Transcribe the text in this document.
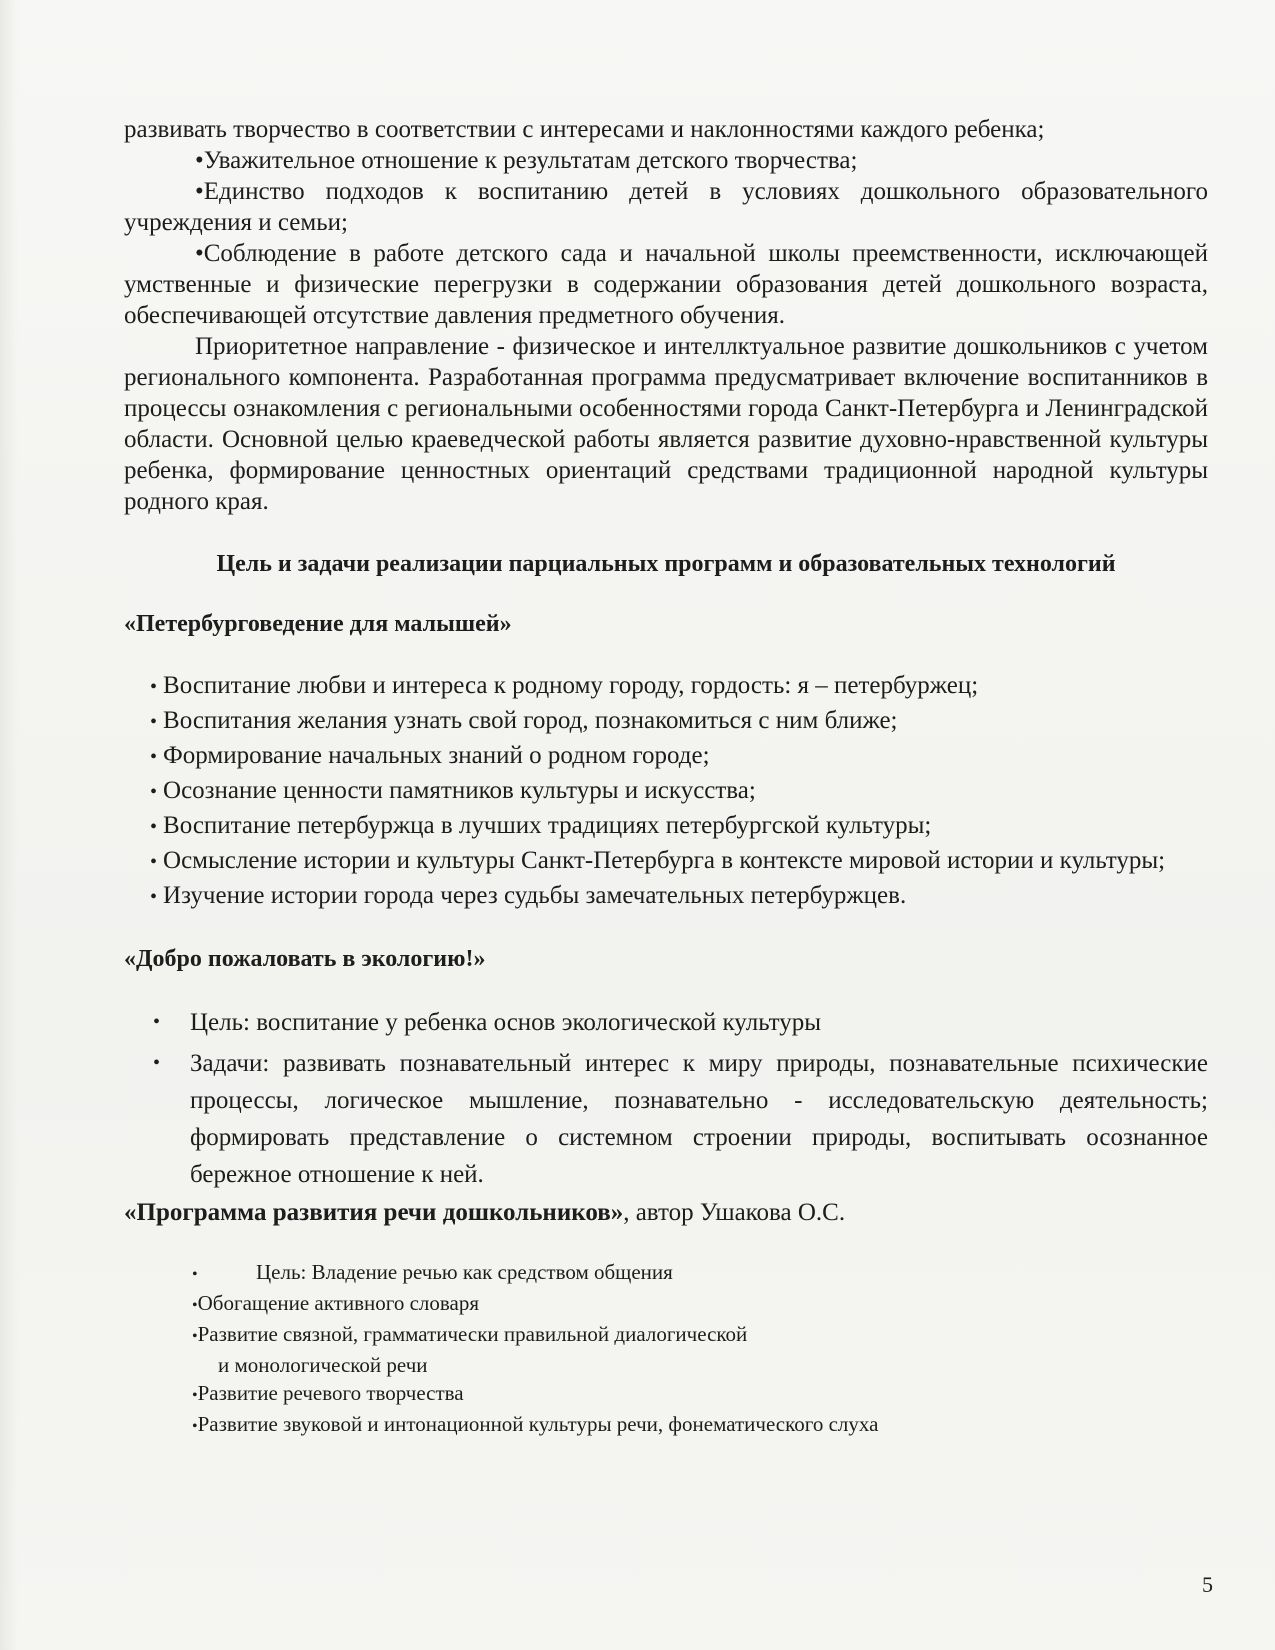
развивать творчество в соответствии с интересами и наклонностями каждого ребенка;

•Уважительное отношение к результатам детского творчества;

•Единство подходов к воспитанию детей в условиях дошкольного образовательного учреждения и семьи;

•Соблюдение в работе детского сада и начальной школы преемственности, исключающей умственные и физические перегрузки в содержании образования детей дошкольного возраста, обеспечивающей отсутствие давления предметного обучения.

Приоритетное направление - физическое и интеллктуальное развитие дошкольников с учетом регионального компонента. Разработанная программа предусматривает включение воспитанников в процессы ознакомления с региональными особенностями города Санкт-Петербурга и Ленинградской области. Основной целью краеведческой работы является развитие духовно-нравственной культуры ребенка, формирование ценностных ориентаций средствами традиционной народной культуры родного края.

Цель и задачи реализации парциальных программ и образовательных технологий
«Петербурговедение для малышей»
• Воспитание любви и интереса к родному городу, гордость: я – петербуржец;
• Воспитания желания узнать свой город, познакомиться с ним ближе;
• Формирование начальных знаний о родном городе;
• Осознание ценности памятников культуры и искусства;
• Воспитание петербуржца в лучших традициях петербургской культуры;
• Осмысление истории и культуры Санкт-Петербурга в контексте мировой истории и культуры;
• Изучение истории города через судьбы замечательных петербуржцев.
«Добро пожаловать в экологию!»
• Цель: воспитание у ребенка основ экологической культуры
• Задачи: развивать познавательный интерес к миру природы, познавательные психические процессы, логическое мышление, познавательно - исследовательскую деятельность; формировать представление о системном строении природы, воспитывать осознанное бережное отношение к ней.

«Программа развития речи дошкольников», автор Ушакова О.С.

•	Цель: Владение речью как средством общения
•Обогащение активного словаря
•Развитие связной, грамматически правильной диалогической
и монологической речи
•Развитие речевого творчества
•Развитие звуковой и интонационной культуры речи, фонематического слуха
5
